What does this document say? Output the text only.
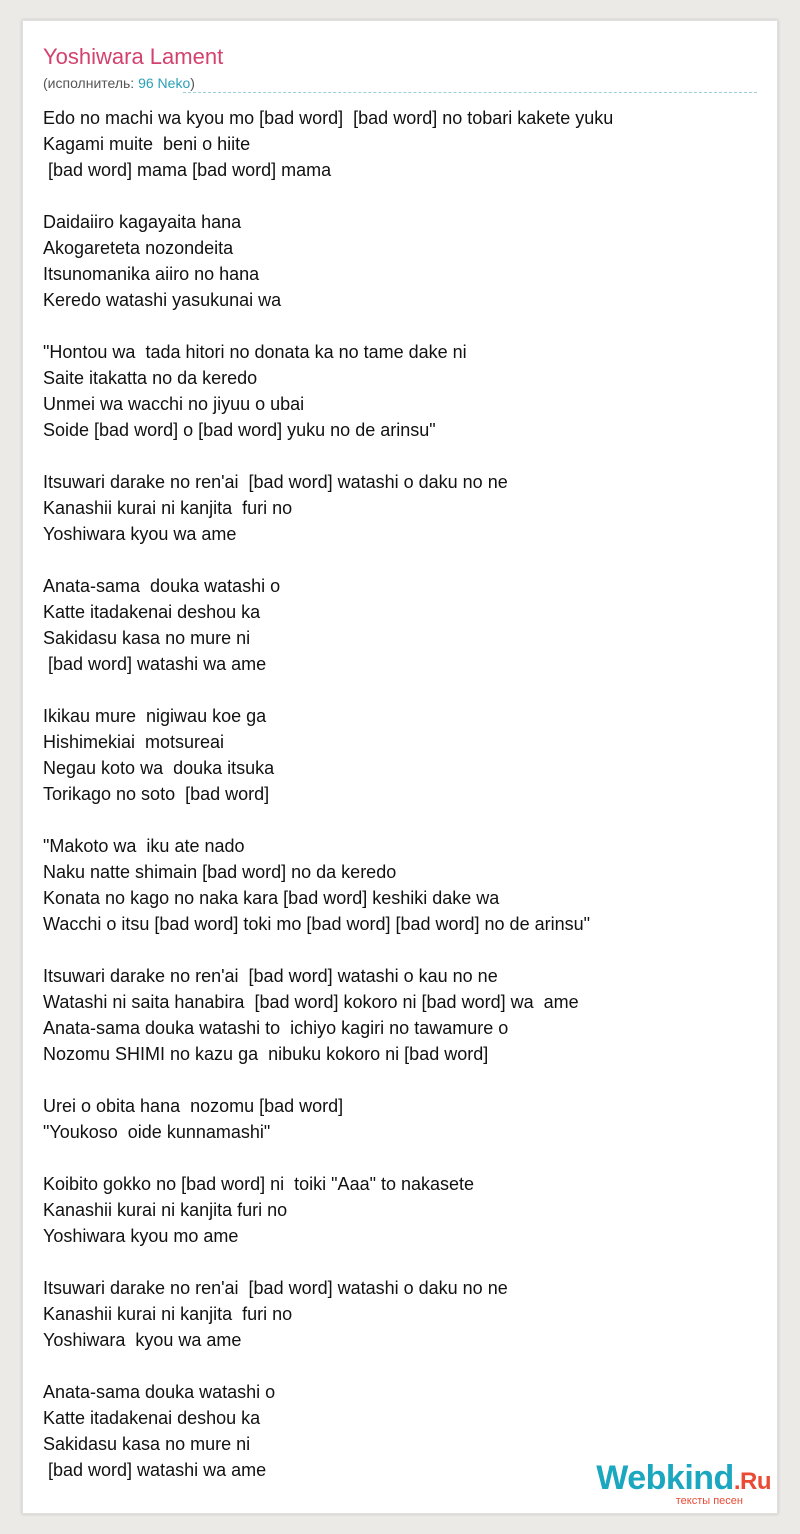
Yoshiwara Lament
(исполнитель: 96 Neko)
Edo no machi wa kyou mo [bad word]  [bad word] no tobari kakete yuku
Kagami muite  beni o hiite
[bad word] mama [bad word] mama
Daidaiiro kagayaita hana
Akogareteta nozondeita
Itsunomanika aiiro no hana
Keredo watashi yasukunai wa
"Hontou wa  tada hitori no donata ka no tame dake ni
Saite itakatta no da keredo
Unmei wa wacchi no jiyuu o ubai
Soide [bad word] o [bad word] yuku no de arinsu"
Itsuwari darake no ren'ai  [bad word] watashi o daku no ne
Kanashii kurai ni kanjita  furi no
Yoshiwara kyou wa ame
Anata-sama  douka watashi o
Katte itadakenai deshou ka
Sakidasu kasa no mure ni
[bad word] watashi wa ame
Ikikau mure  nigiwau koe ga
Hishimekiai  motsureai
Negau koto wa  douka itsuka
Torikago no soto  [bad word]
"Makoto wa  iku ate nado
Naku natte shimain [bad word] no da keredo
Konata no kago no naka kara [bad word] keshiki dake wa
Wacchi o itsu [bad word] toki mo [bad word] [bad word] no de arinsu"
Itsuwari darake no ren'ai  [bad word] watashi o kau no ne
Watashi ni saita hanabira  [bad word] kokoro ni [bad word] wa  ame
Anata-sama douka watashi to  ichiyo kagiri no tawamure o
Nozomu SHIMI no kazu ga  nibuku kokoro ni [bad word]
Urei o obita hana  nozomu [bad word]
"Youkoso  oide kunnamashi"
Koibito gokko no [bad word] ni  toiki "Aaa" to nakasete
Kanashii kurai ni kanjita furi no
Yoshiwara kyou mo ame
Itsuwari darake no ren'ai  [bad word] watashi o daku no ne
Kanashii kurai ni kanjita  furi no
Yoshiwara  kyou wa ame
Anata-sama douka watashi o
Katte itadakenai deshou ka
Sakidasu kasa no mure ni
[bad word] watashi wa ame	Webkind.Ru
тексты песен
